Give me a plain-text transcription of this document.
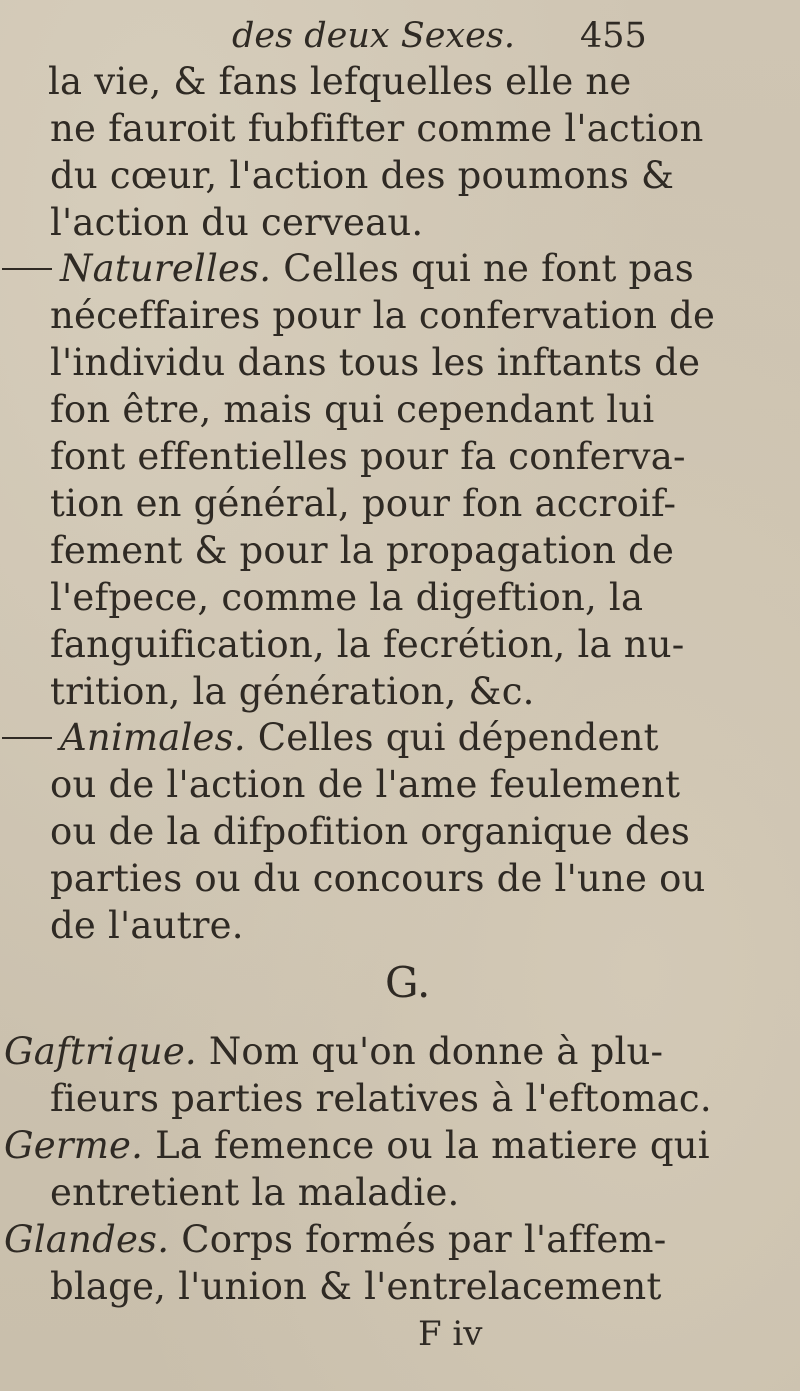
des deux Sexes. 455
la vie, & fans lefquelles elle ne
ne fauroit fubfifter comme l'action
du cœur, l'action des poumons &
l'action du cerveau.
Naturelles. Celles qui ne font pas
néceffaires pour la confervation de
l'individu dans tous les inftants de
fon être, mais qui cependant lui
font effentielles pour fa conferva-
tion en général, pour fon accroif-
fement & pour la propagation de
l'efpece, comme la digeftion, la
fanguification, la fecrétion, la nu-
trition, la génération, &c.
Animales. Celles qui dépendent
ou de l'action de l'ame feulement
ou de la difpofition organique des
parties ou du concours de l'une ou
de l'autre.
G.
Gaftrique. Nom qu'on donne à plu-
fieurs parties relatives à l'eftomac.
Germe. La femence ou la matiere qui
entretient la maladie.
Glandes. Corps formés par l'affem-
blage, l'union & l'entrelacement
F iv
